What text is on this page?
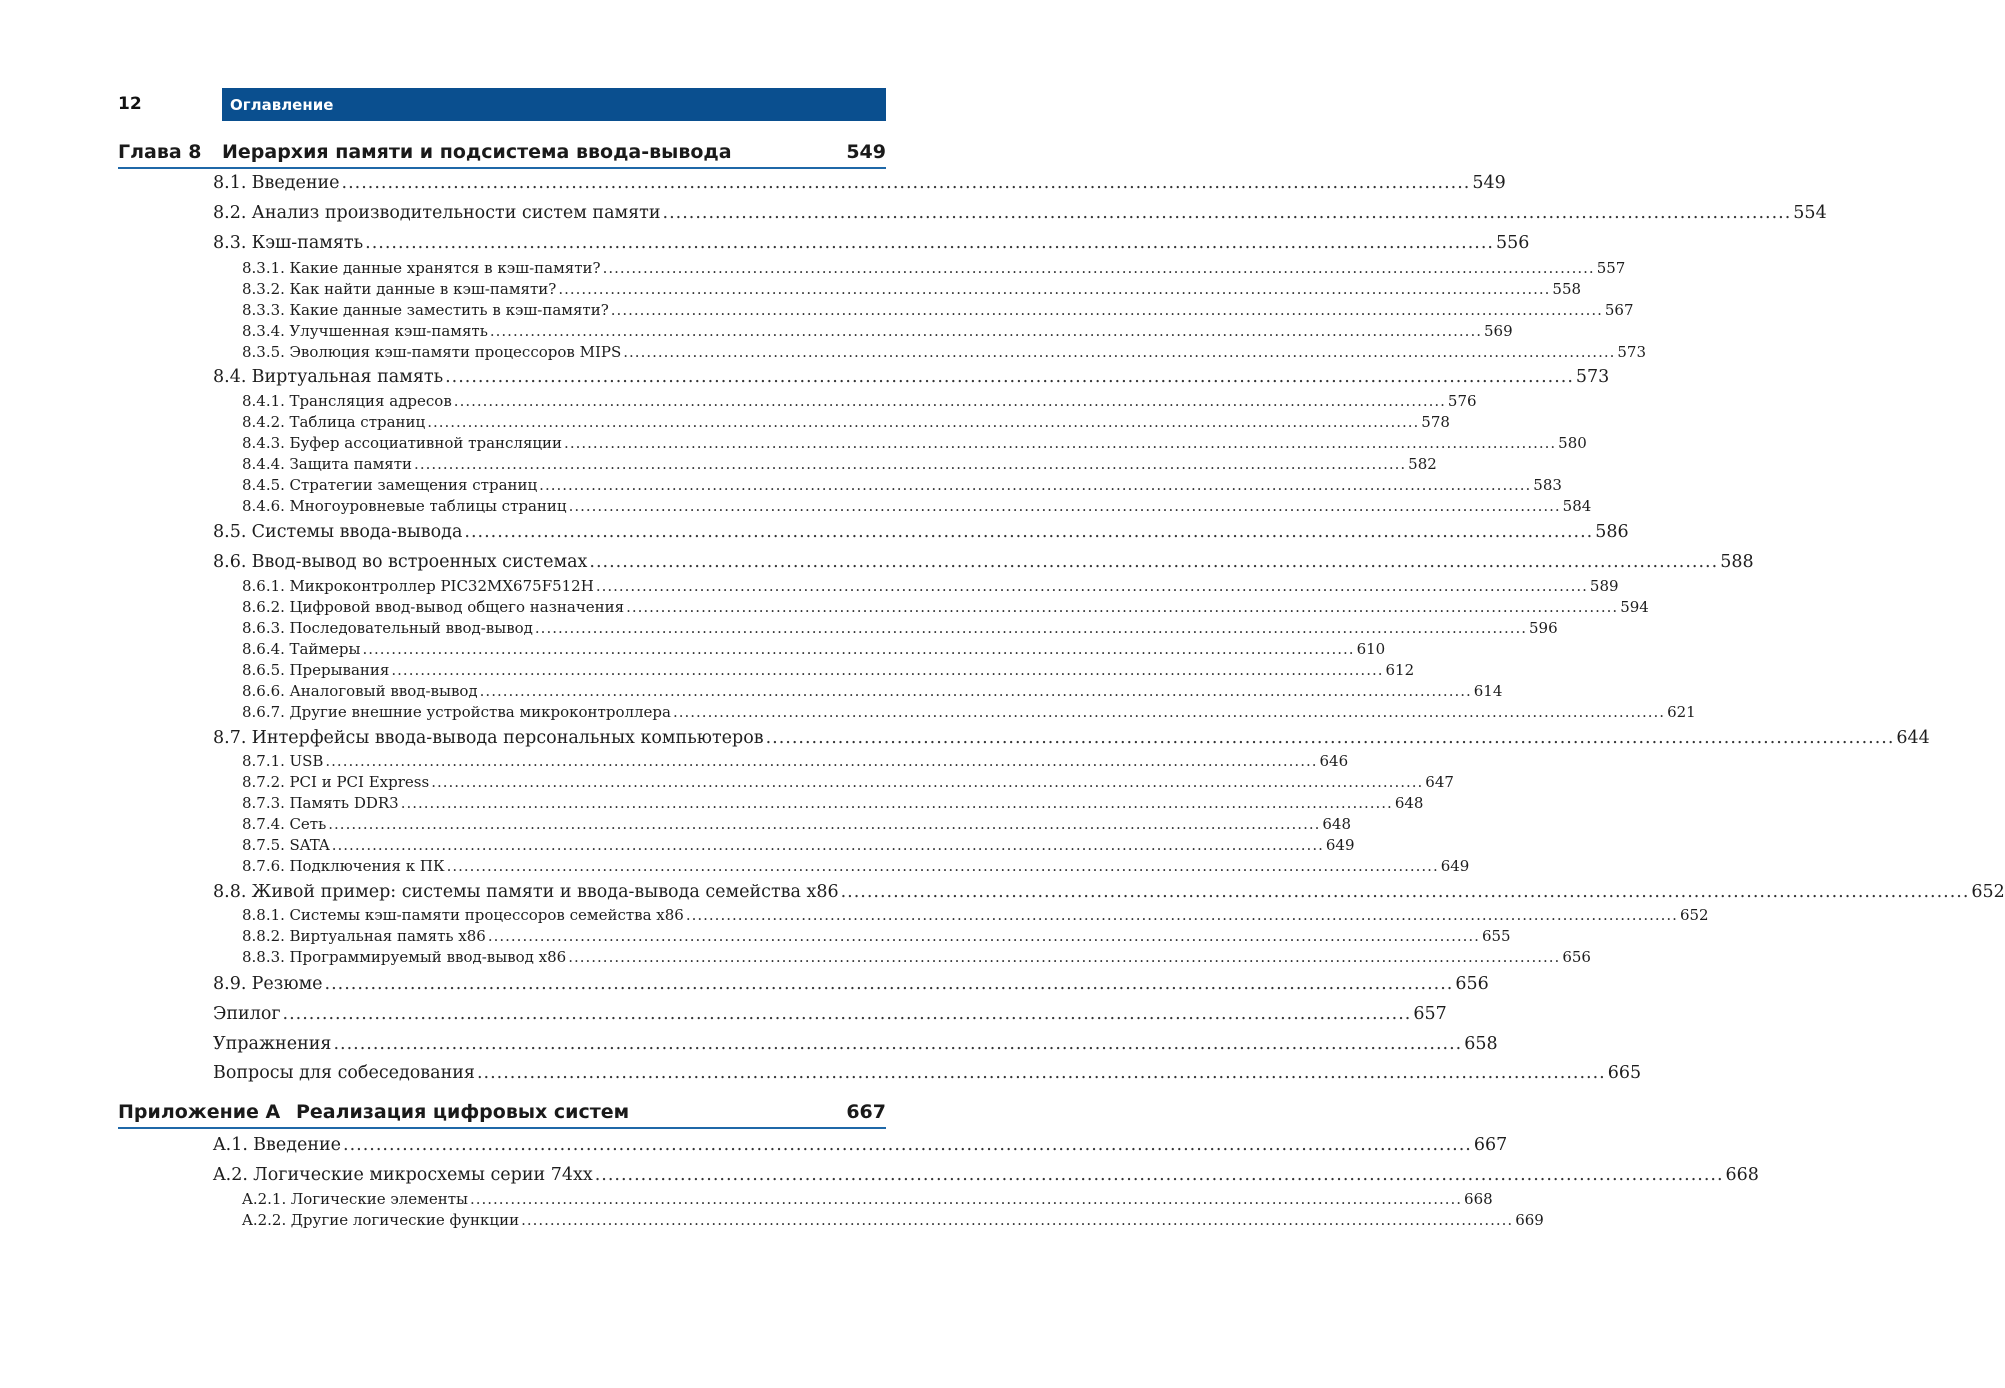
12	Оглавление
Глава 8 Иерархия памяти и подсистема ввода-вывода	549
8.1. Введение ............................................................................................................................................................................ 549
8.2. Анализ производительности систем памяти ............................................................................................................................................................................ 554
8.3. Кэш-память ............................................................................................................................................................................ 556
8.3.1. Какие данные хранятся в кэш-памяти? ............................................................................................................................................................................ 557
8.3.2. Как найти данные в кэш-памяти? ............................................................................................................................................................................ 558
8.3.3. Какие данные заместить в кэш-памяти? ............................................................................................................................................................................ 567
8.3.4. Улучшенная кэш-память ............................................................................................................................................................................ 569
8.3.5. Эволюция кэш-памяти процессоров MIPS ............................................................................................................................................................................ 573
8.4. Виртуальная память ............................................................................................................................................................................ 573
8.4.1. Трансляция адресов ............................................................................................................................................................................ 576
8.4.2. Таблица страниц ............................................................................................................................................................................ 578
8.4.3. Буфер ассоциативной трансляции ............................................................................................................................................................................ 580
8.4.4. Защита памяти ............................................................................................................................................................................ 582
8.4.5. Стратегии замещения страниц ............................................................................................................................................................................ 583
8.4.6. Многоуровневые таблицы страниц ............................................................................................................................................................................ 584
8.5. Системы ввода-вывода ............................................................................................................................................................................ 586
8.6. Ввод-вывод во встроенных системах ............................................................................................................................................................................ 588
8.6.1. Микроконтроллер PIC32MX675F512H ............................................................................................................................................................................ 589
8.6.2. Цифровой ввод-вывод общего назначения ............................................................................................................................................................................ 594
8.6.3. Последовательный ввод-вывод ............................................................................................................................................................................ 596
8.6.4. Таймеры ............................................................................................................................................................................ 610
8.6.5. Прерывания ............................................................................................................................................................................ 612
8.6.6. Аналоговый ввод-вывод ............................................................................................................................................................................ 614
8.6.7. Другие внешние устройства микроконтроллера ............................................................................................................................................................................ 621
8.7. Интерфейсы ввода-вывода персональных компьютеров ............................................................................................................................................................................ 644
8.7.1. USB ............................................................................................................................................................................ 646
8.7.2. PCI и PCI Express ............................................................................................................................................................................ 647
8.7.3. Память DDR3 ............................................................................................................................................................................ 648
8.7.4. Сеть ............................................................................................................................................................................ 648
8.7.5. SATA ............................................................................................................................................................................ 649
8.7.6. Подключения к ПК ............................................................................................................................................................................ 649
8.8. Живой пример: системы памяти и ввода-вывода семейства x86 ............................................................................................................................................................................ 652
8.8.1. Системы кэш-памяти процессоров семейства x86 ............................................................................................................................................................................ 652
8.8.2. Виртуальная память x86 ............................................................................................................................................................................ 655
8.8.3. Программируемый ввод-вывод x86 ............................................................................................................................................................................ 656
8.9. Резюме ............................................................................................................................................................................ 656
Эпилог ............................................................................................................................................................................ 657
Упражнения ............................................................................................................................................................................ 658
Вопросы для собеседования ............................................................................................................................................................................ 665
Приложение А Реализация цифровых систем	667
A.1. Введение ............................................................................................................................................................................ 667
A.2. Логические микросхемы серии 74xx ............................................................................................................................................................................ 668
A.2.1. Логические элементы ............................................................................................................................................................................ 668
A.2.2. Другие логические функции ............................................................................................................................................................................ 669
